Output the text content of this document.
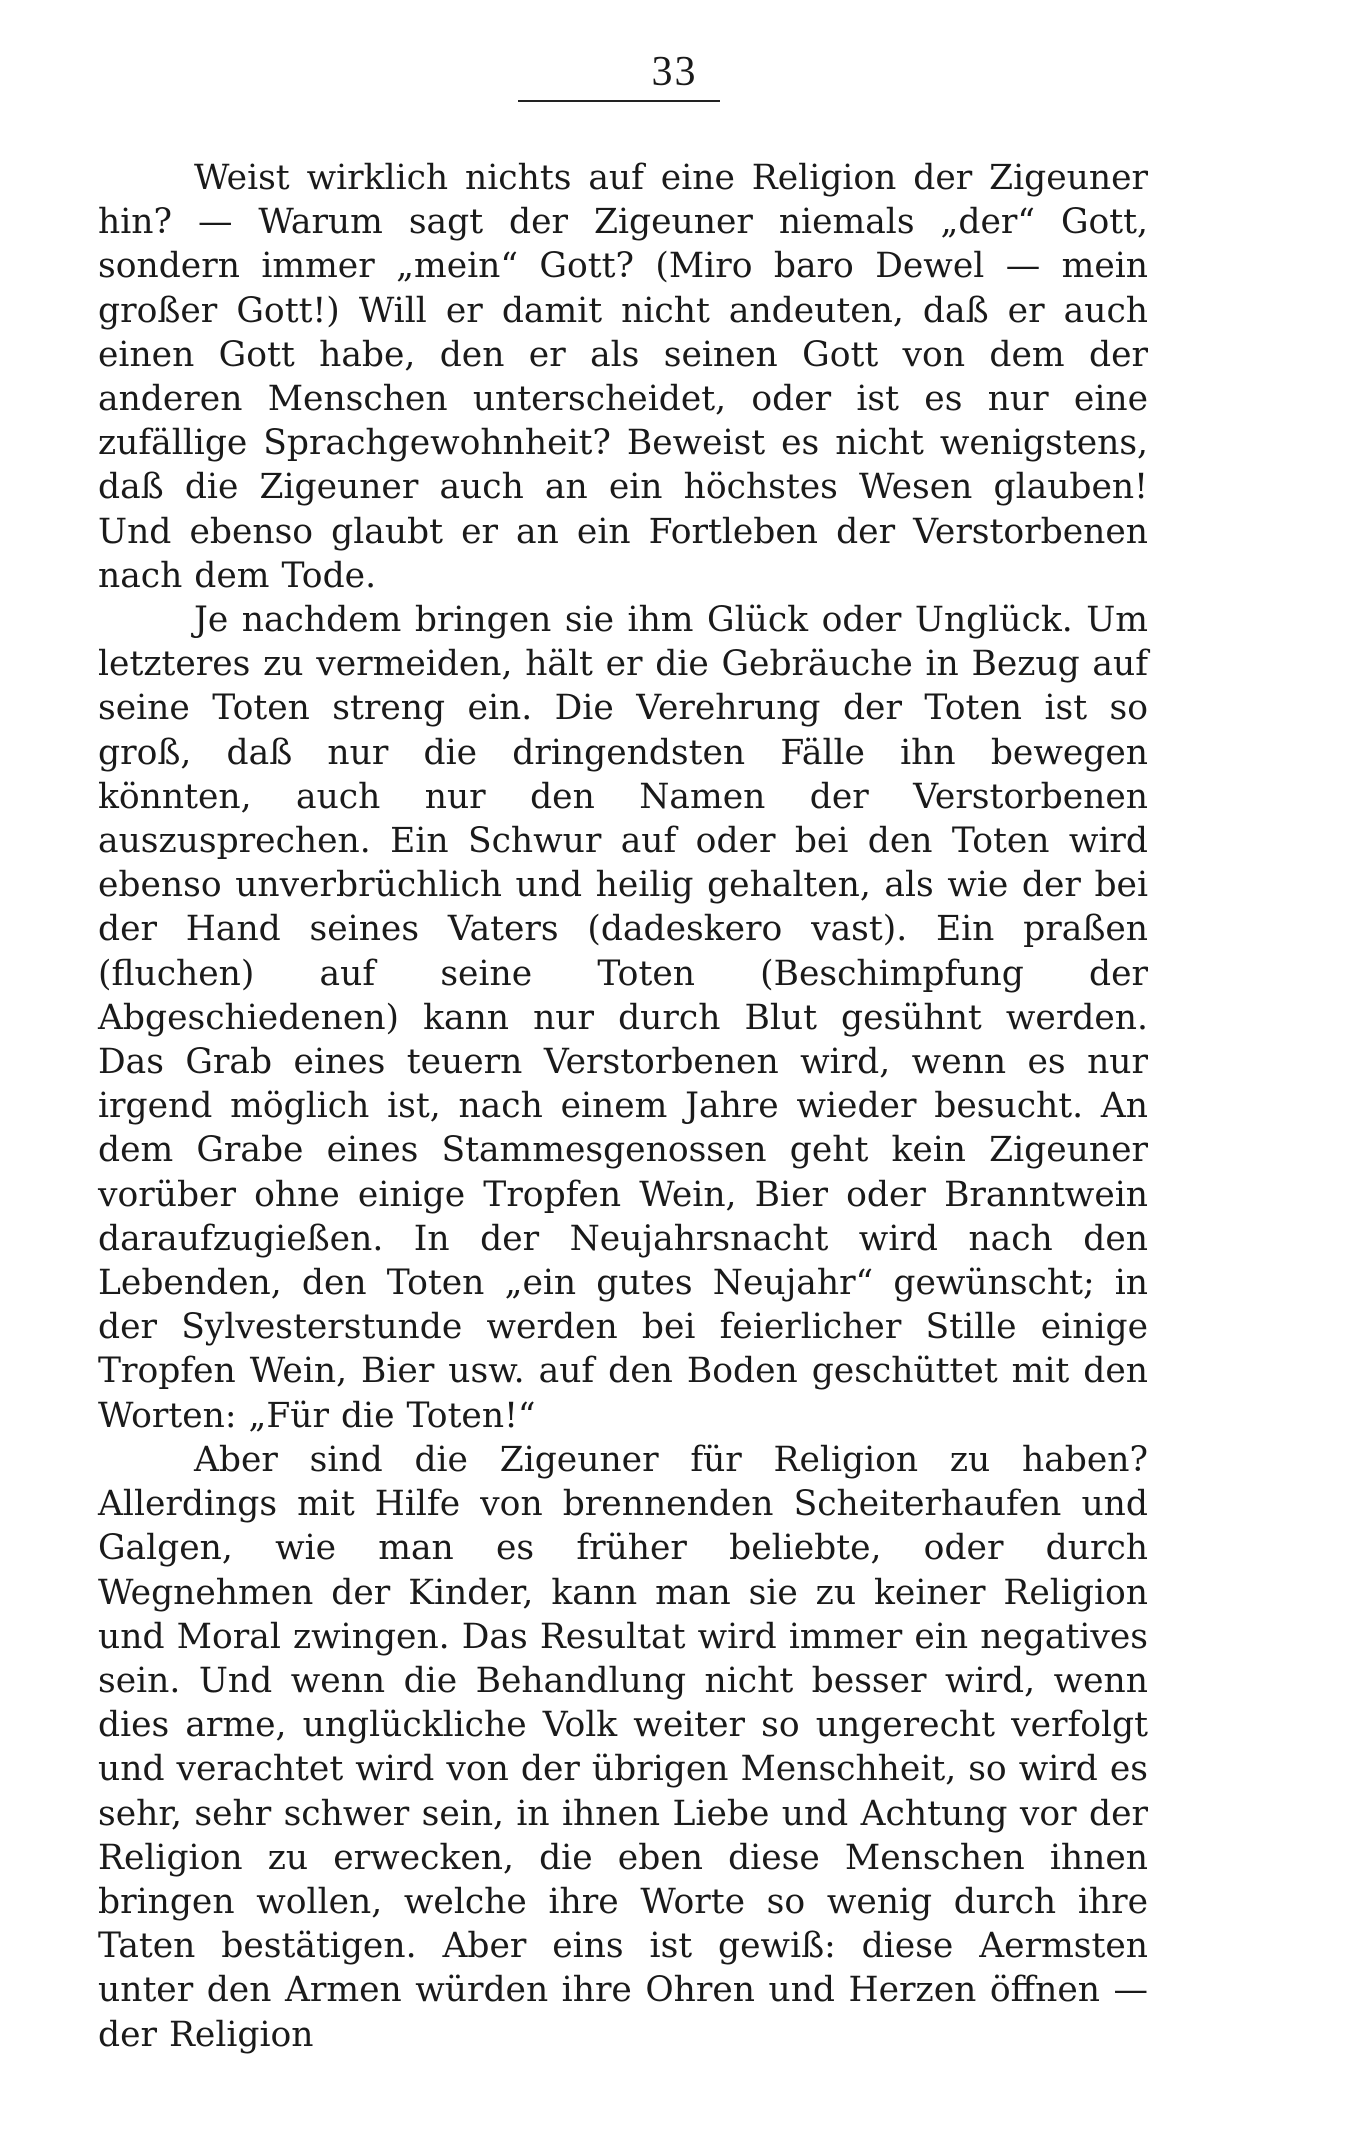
33

Weist wirklich nichts auf eine Religion der Zigeuner hin? — Warum sagt der Zigeuner niemals „der“ Gott, sondern immer „mein“ Gott? (Miro baro Dewel — mein großer Gott!) Will er damit nicht andeuten, daß er auch einen Gott habe, den er als seinen Gott von dem der anderen Menschen unterscheidet, oder ist es nur eine zufällige Sprachgewohnheit? Beweist es nicht wenigstens, daß die Zigeuner auch an ein höchstes Wesen glauben! Und ebenso glaubt er an ein Fortleben der Verstorbenen nach dem Tode.

Je nachdem bringen sie ihm Glück oder Unglück. Um letzteres zu vermeiden, hält er die Gebräuche in Bezug auf seine Toten streng ein. Die Verehrung der Toten ist so groß, daß nur die dringendsten Fälle ihn bewegen könnten, auch nur den Namen der Verstorbenen auszusprechen. Ein Schwur auf oder bei den Toten wird ebenso unverbrüchlich und heilig gehalten, als wie der bei der Hand seines Vaters (dadeskero vast). Ein praßen (fluchen) auf seine Toten (Beschimpfung der Abgeschiedenen) kann nur durch Blut gesühnt werden. Das Grab eines teuern Verstorbenen wird, wenn es nur irgend möglich ist, nach einem Jahre wieder besucht. An dem Grabe eines Stammesgenossen geht kein Zigeuner vorüber ohne einige Tropfen Wein, Bier oder Branntwein daraufzugießen. In der Neujahrsnacht wird nach den Lebenden, den Toten „ein gutes Neujahr“ gewünscht; in der Sylvesterstunde werden bei feierlicher Stille einige Tropfen Wein, Bier usw. auf den Boden geschüttet mit den Worten: „Für die Toten!“

Aber sind die Zigeuner für Religion zu haben? Allerdings mit Hilfe von brennenden Scheiterhaufen und Galgen, wie man es früher beliebte, oder durch Wegnehmen der Kinder, kann man sie zu keiner Religion und Moral zwingen. Das Resultat wird immer ein negatives sein. Und wenn die Behandlung nicht besser wird, wenn dies arme, unglückliche Volk weiter so ungerecht verfolgt und verachtet wird von der übrigen Menschheit, so wird es sehr, sehr schwer sein, in ihnen Liebe und Achtung vor der Religion zu erwecken, die eben diese Menschen ihnen bringen wollen, welche ihre Worte so wenig durch ihre Taten bestätigen. Aber eins ist gewiß: diese Aermsten unter den Armen würden ihre Ohren und Herzen öffnen — der Religion
